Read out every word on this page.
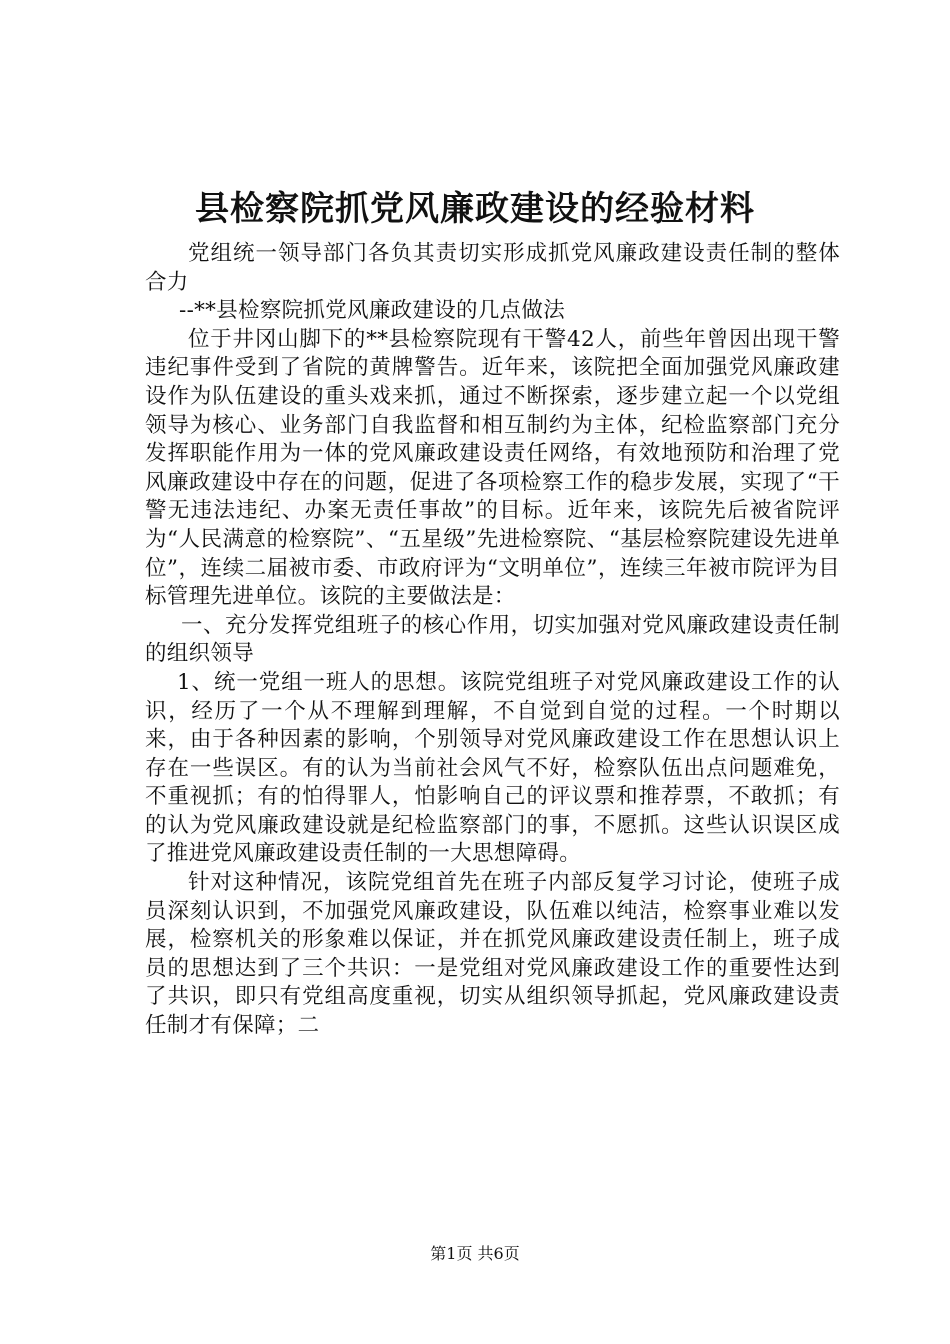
县检察院抓党风廉政建设的经验材料

党组统一领导部门各负其责切实形成抓党风廉政建设责任制的整体合力

--**县检察院抓党风廉政建设的几点做法

位于井冈山脚下的**县检察院现有干警42人，前些年曾因出现干警违纪事件受到了省院的黄牌警告。近年来，该院把全面加强党风廉政建设作为队伍建设的重头戏来抓，通过不断探索，逐步建立起一个以党组领导为核心、业务部门自我监督和相互制约为主体，纪检监察部门充分发挥职能作用为一体的党风廉政建设责任网络，有效地预防和治理了党风廉政建设中存在的问题，促进了各项检察工作的稳步发展，实现了“干警无违法违纪、办案无责任事故”的目标。近年来，该院先后被省院评为“人民满意的检察院”、“五星级”先进检察院、“基层检察院建设先进单位”，连续二届被市委、市政府评为“文明单位”，连续三年被市院评为目标管理先进单位。该院的主要做法是：

一、充分发挥党组班子的核心作用，切实加强对党风廉政建设责任制的组织领导

1、统一党组一班人的思想。该院党组班子对党风廉政建设工作的认识，经历了一个从不理解到理解，不自觉到自觉的过程。一个时期以来，由于各种因素的影响，个别领导对党风廉政建设工作在思想认识上存在一些误区。有的认为当前社会风气不好，检察队伍出点问题难免，不重视抓；有的怕得罪人，怕影响自己的评议票和推荐票，不敢抓；有的认为党风廉政建设就是纪检监察部门的事，不愿抓。这些认识误区成了推进党风廉政建设责任制的一大思想障碍。

针对这种情况，该院党组首先在班子内部反复学习讨论，使班子成员深刻认识到，不加强党风廉政建设，队伍难以纯洁，检察事业难以发展，检察机关的形象难以保证，并在抓党风廉政建设责任制上，班子成员的思想达到了三个共识：一是党组对党风廉政建设工作的重要性达到了共识，即只有党组高度重视，切实从组织领导抓起，党风廉政建设责任制才有保障；二

第1页 共6页
